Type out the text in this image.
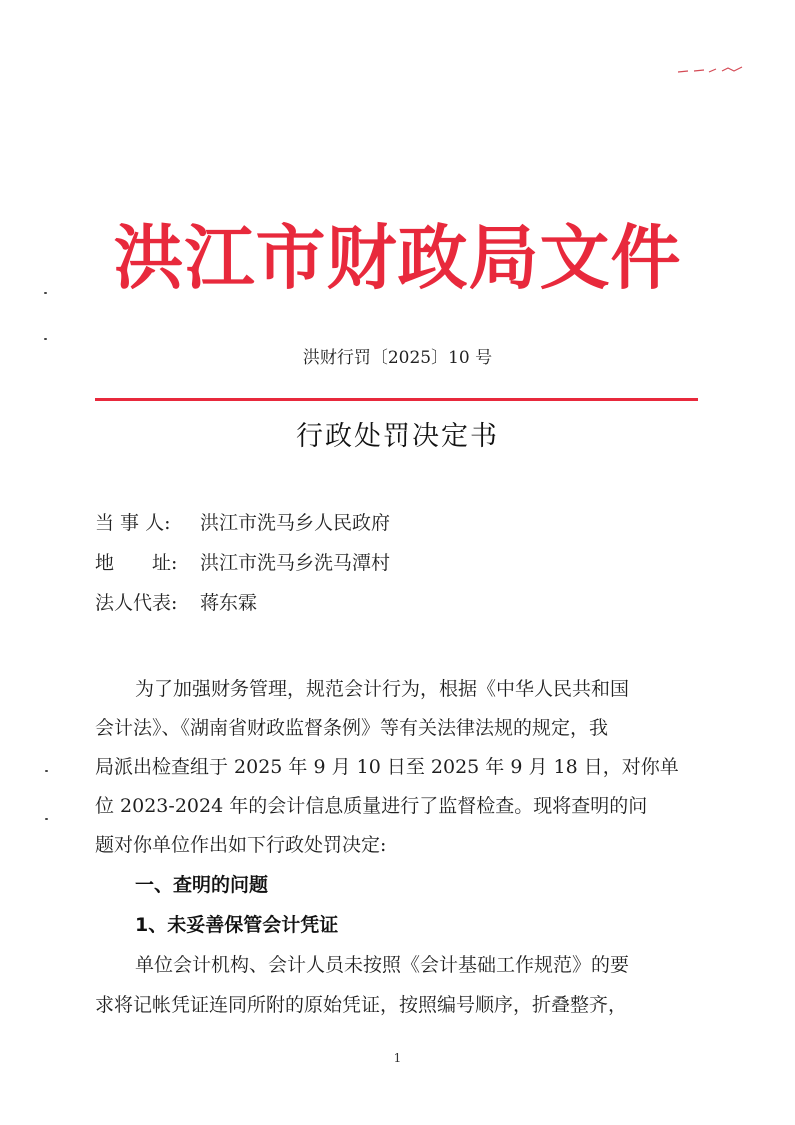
洪江市财政局文件
洪财行罚〔2025〕10 号
行政处罚决定书
当 事 人: 洪江市洗马乡人民政府
地　　址: 洪江市洗马乡洗马潭村
法人代表: 蒋东霖
为了加强财务管理，规范会计行为，根据《中华人民共和国
会计法》、《湖南省财政监督条例》等有关法律法规的规定，我
局派出检查组于 2025 年 9 月 10 日至 2025 年 9 月 18 日，对你单
位 2023-2024 年的会计信息质量进行了监督检查。现将查明的问
题对你单位作出如下行政处罚决定:
一、查明的问题
1、未妥善保管会计凭证
单位会计机构、会计人员未按照《会计基础工作规范》的要
求将记帐凭证连同所附的原始凭证，按照编号顺序，折叠整齐，
1
